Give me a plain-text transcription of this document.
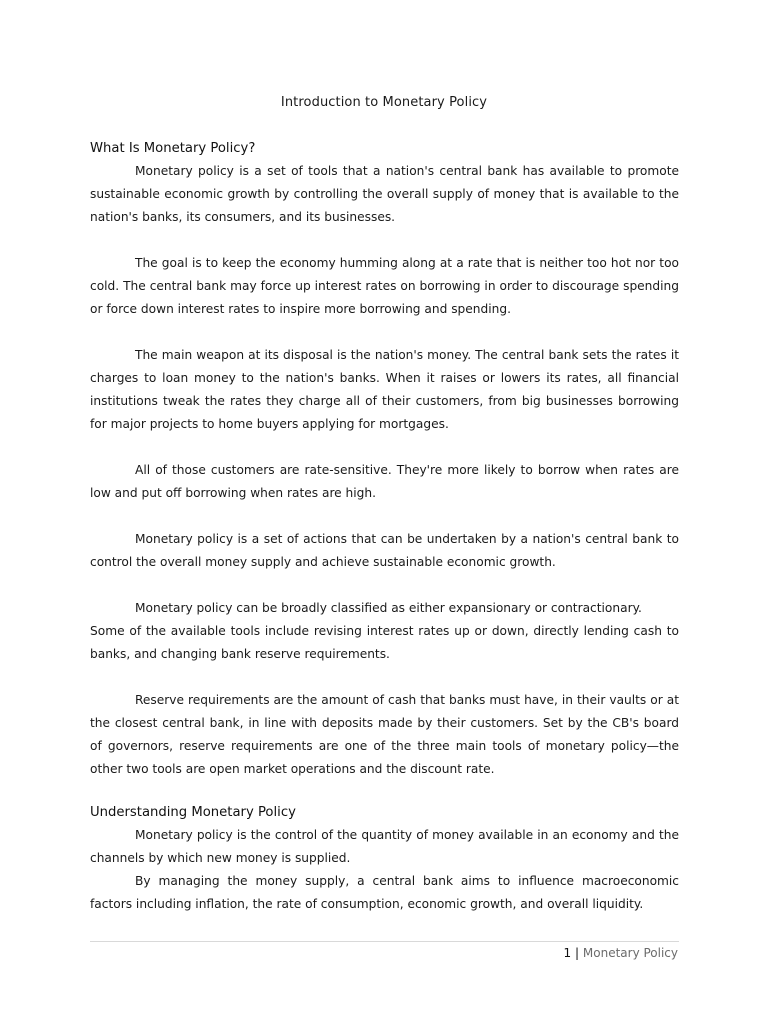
Introduction to Monetary Policy
What Is Monetary Policy?

Monetary policy is a set of tools that a nation's central bank has available to promote sustainable economic growth by controlling the overall supply of money that is available to the nation's banks, its consumers, and its businesses.

The goal is to keep the economy humming along at a rate that is neither too hot nor too cold. The central bank may force up interest rates on borrowing in order to discourage spending or force down interest rates to inspire more borrowing and spending.

The main weapon at its disposal is the nation's money. The central bank sets the rates it charges to loan money to the nation's banks. When it raises or lowers its rates, all financial institutions tweak the rates they charge all of their customers, from big businesses borrowing for major projects to home buyers applying for mortgages.

All of those customers are rate-sensitive. They're more likely to borrow when rates are low and put off borrowing when rates are high.

Monetary policy is a set of actions that can be undertaken by a nation's central bank to control the overall money supply and achieve sustainable economic growth.

Monetary policy can be broadly classified as either expansionary or contractionary.

Some of the available tools include revising interest rates up or down, directly lending cash to banks, and changing bank reserve requirements.

Reserve requirements are the amount of cash that banks must have, in their vaults or at the closest central bank, in line with deposits made by their customers. Set by the CB's board of governors, reserve requirements are one of the three main tools of monetary policy—the other two tools are open market operations and the discount rate.

Understanding Monetary Policy

Monetary policy is the control of the quantity of money available in an economy and the channels by which new money is supplied.

By managing the money supply, a central bank aims to influence macroeconomic factors including inflation, the rate of consumption, economic growth, and overall liquidity.

1 | Monetary Policy
